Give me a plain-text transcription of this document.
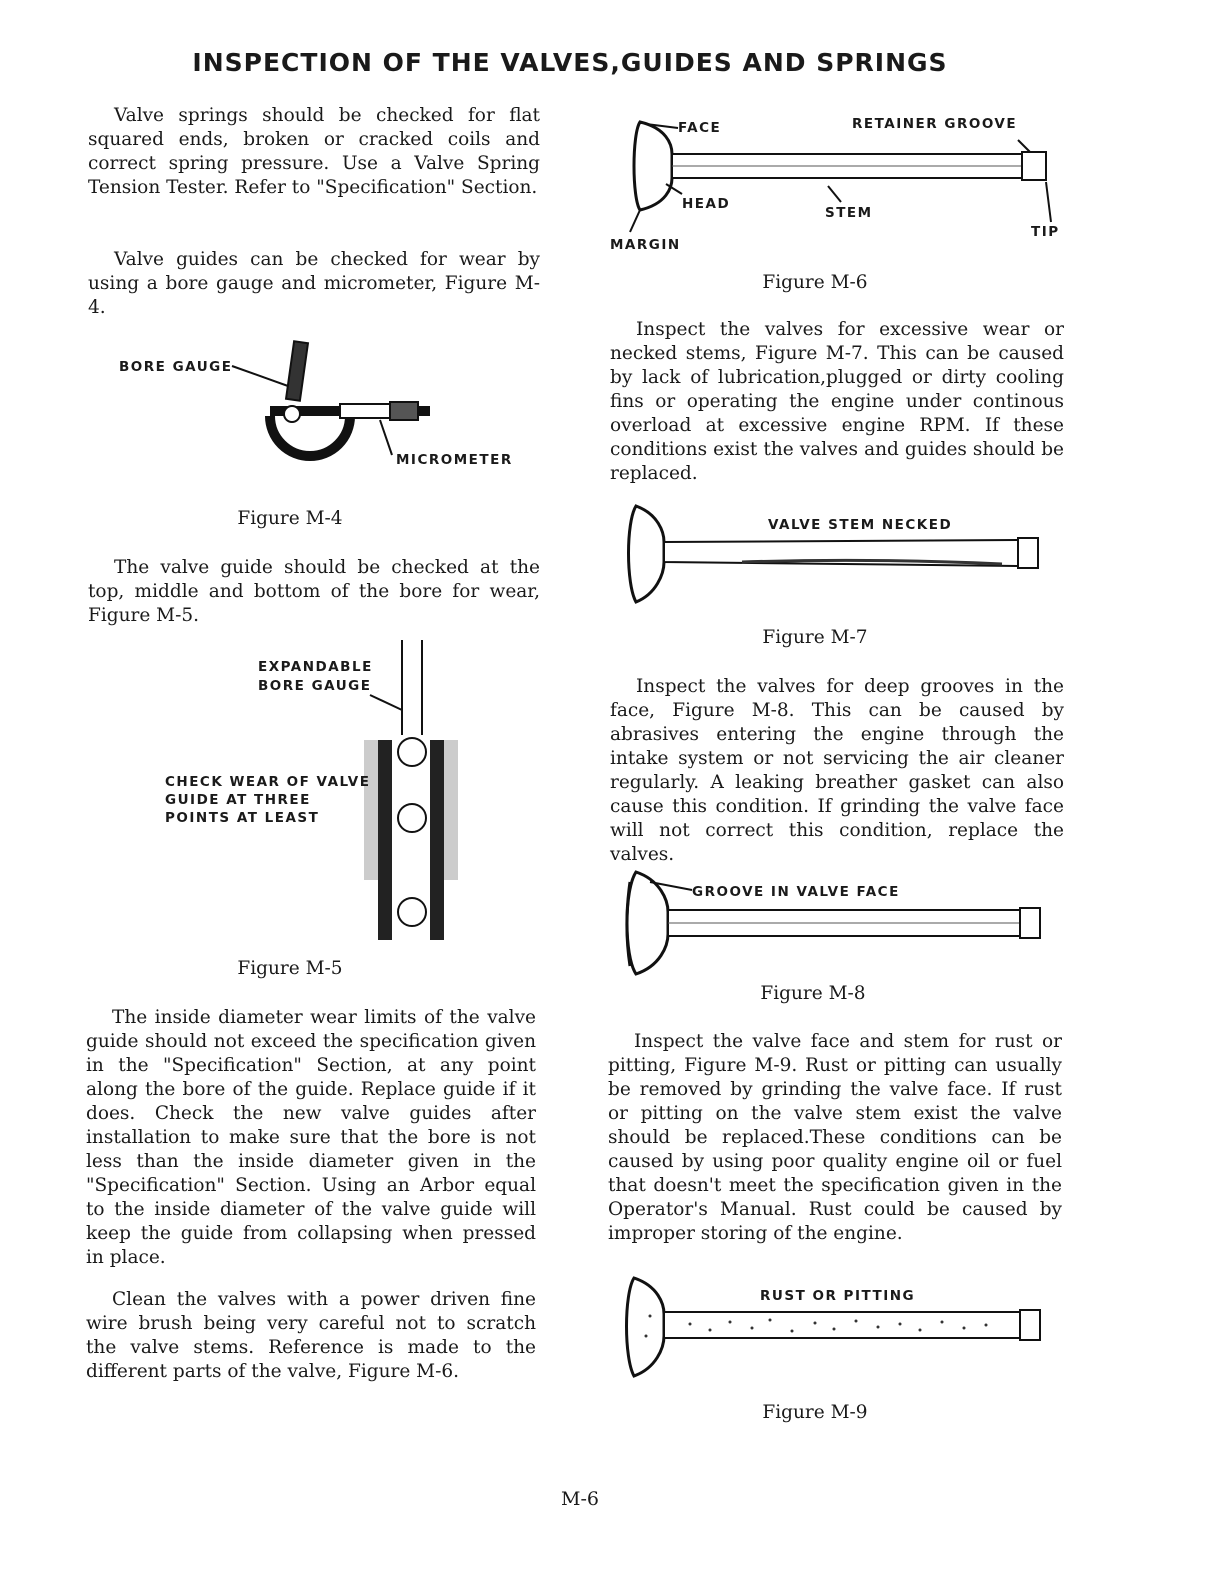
INSPECTION OF THE VALVES,GUIDES AND SPRINGS

Valve springs should be checked for flat squared ends, broken or cracked coils and correct spring pressure. Use a Valve Spring Tension Tester. Refer to "Specification" Section.

Valve guides can be checked for wear by using a bore gauge and micrometer, Figure M-4.

BORE GAUGE
MICROMETER
Figure M-4

The valve guide should be checked at the top, middle and bottom of the bore for wear, Figure M-5.

EXPANDABLE
BORE GAUGE
CHECK WEAR OF VALVE
GUIDE AT THREE
POINTS AT LEAST
Figure M-5

The inside diameter wear limits of the valve guide should not exceed the specification given in the "Specification" Section, at any point along the bore of the guide. Replace guide if it does. Check the new valve guides after installation to make sure that the bore is not less than the inside diameter given in the "Specification" Section. Using an Arbor equal to the inside diameter of the valve guide will keep the guide from collapsing when pressed in place.

Clean the valves with a power driven fine wire brush being very careful not to scratch the valve stems. Reference is made to the different parts of the valve, Figure M-6.

FACE	RETAINER GROOVE
HEAD
STEM
TIP
MARGIN
Figure M-6

Inspect the valves for excessive wear or necked stems, Figure M-7. This can be caused by lack of lubrication,plugged or dirty cooling fins or operating the engine under continous overload at excessive engine RPM. If these conditions exist the valves and guides should be replaced.

VALVE STEM NECKED
Figure M-7

Inspect the valves for deep grooves in the face, Figure M-8. This can be caused by abrasives entering the engine through the intake system or not servicing the air cleaner regularly. A leaking breather gasket can also cause this condition. If grinding the valve face will not correct this condition, replace the valves.

GROOVE IN VALVE FACE
Figure M-8

Inspect the valve face and stem for rust or pitting, Figure M-9. Rust or pitting can usually be removed by grinding the valve face. If rust or pitting on the valve stem exist the valve should be replaced.These conditions can be caused by using poor quality engine oil or fuel that doesn't meet the specification given in the Operator's Manual. Rust could be caused by improper storing of the engine.

RUST OR PITTING
Figure M-9
M-6
